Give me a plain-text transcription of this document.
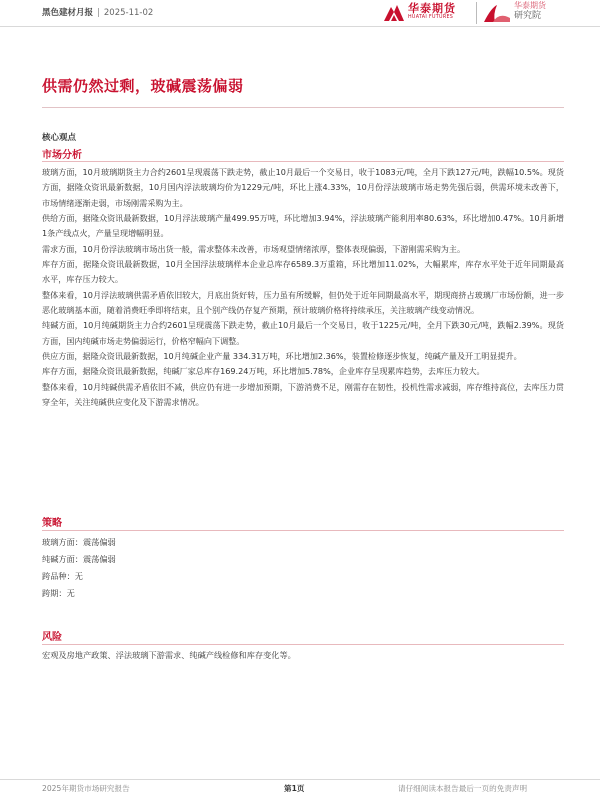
黑色建材月报 | 2025-11-02	华泰期货
HUATAI FUTURES
华泰期货
研究院
供需仍然过剩，玻碱震荡偏弱
核心观点
市场分析

玻璃方面，10月玻璃期货主力合约2601呈现震荡下跌走势，截止10月最后一个交易日，收于1083元/吨，全月下跌127元/吨，跌幅10.5%。现货方面，据隆众资讯最新数据，10月国内浮法玻璃均价为1229元/吨，环比上涨4.33%，10月份浮法玻璃市场走势先强后弱，供需环境未改善下，市场情绪逐渐走弱，市场刚需采购为主。

供给方面，据隆众资讯最新数据，10月浮法玻璃产量499.95万吨，环比增加3.94%，浮法玻璃产能利用率80.63%，环比增加0.47%。10月新增1条产线点火，产量呈现增幅明显。

需求方面，10月份浮法玻璃市场出货一般，需求整体未改善，市场观望情绪浓厚，整体表现偏弱，下游刚需采购为主。

库存方面，据隆众资讯最新数据，10月全国浮法玻璃样本企业总库存6589.3万重箱，环比增加11.02%，大幅累库，库存水平处于近年同期最高水平，库存压力较大。

整体来看，10月浮法玻璃供需矛盾依旧较大，月底出货好转，压力虽有所缓解，但仍处于近年同期最高水平，期现商挤占玻璃厂市场份额，进一步恶化玻璃基本面，随着消费旺季即将结束，且个别产线仍存复产预期，预计玻璃价格将持续承压，关注玻璃产线变动情况。

纯碱方面，10月纯碱期货主力合约2601呈现震荡下跌走势，截止10月最后一个交易日，收于1225元/吨，全月下跌30元/吨，跌幅2.39%。现货方面，国内纯碱市场走势偏弱运行，价格窄幅向下调整。

供应方面，据隆众资讯最新数据，10月纯碱企业产量 334.31万吨，环比增加2.36%，装置检修逐步恢复，纯碱产量及开工明显提升。

库存方面，据隆众资讯最新数据，纯碱厂家总库存169.24万吨，环比增加5.78%，企业库存呈现累库趋势，去库压力较大。

整体来看，10月纯碱供需矛盾依旧不减，供应仍有进一步增加预期，下游消费不足，刚需存在韧性，投机性需求减弱，库存维持高位，去库压力贯穿全年，关注纯碱供应变化及下游需求情况。

策略
玻璃方面：震荡偏弱
纯碱方面：震荡偏弱
跨品种：无
跨期：无
风险
宏观及房地产政策、浮法玻璃下游需求、纯碱产线检修和库存变化等。
2025年期货市场研究报告	第1页	请仔细阅读本报告最后一页的免责声明
